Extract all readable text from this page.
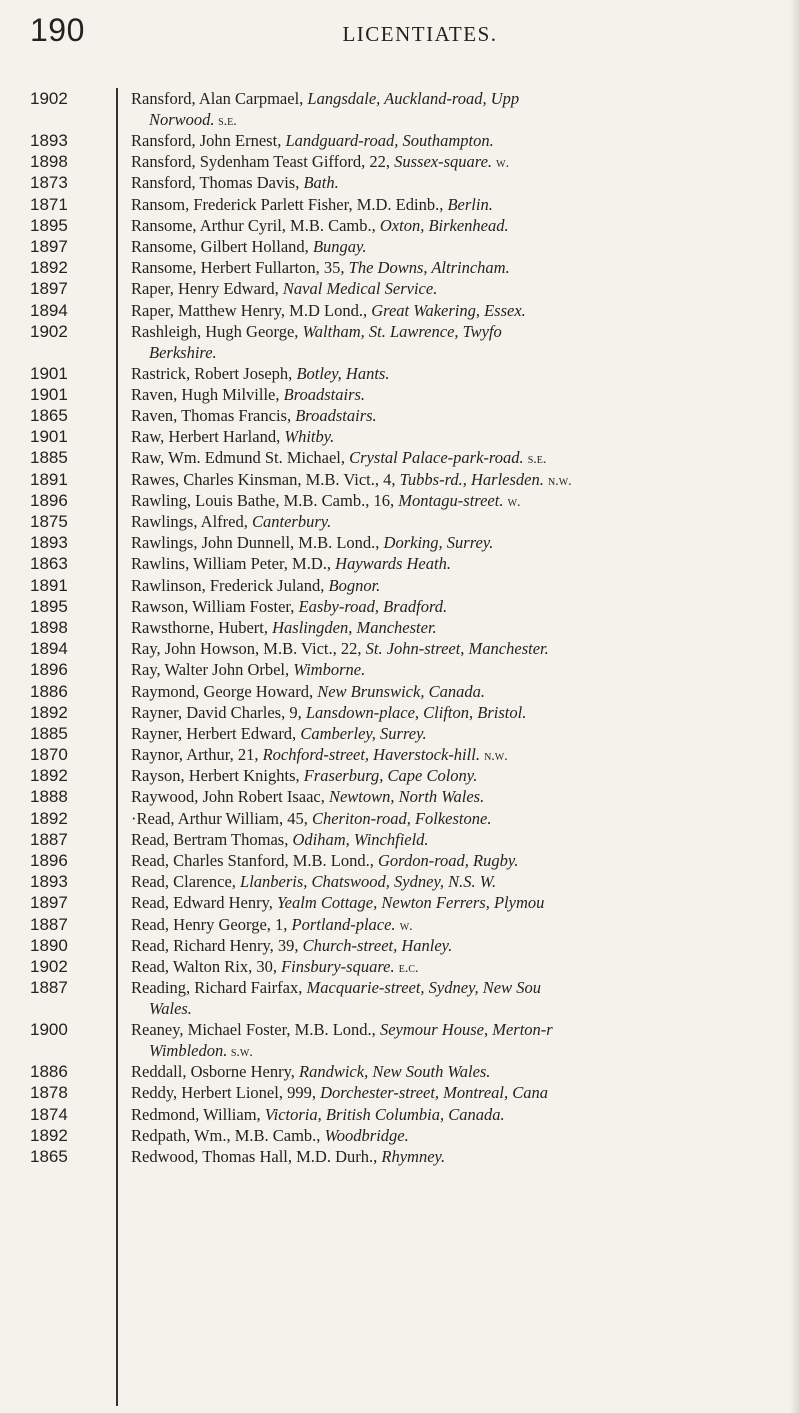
190	LICENTIATES.
1902	Ransford, Alan Carpmael, Langsdale, Auckland-road, Upp
Norwood. s.e.
1893	Ransford, John Ernest, Landguard-road, Southampton.
1898	Ransford, Sydenham Teast Gifford, 22, Sussex-square. w.
1873	Ransford, Thomas Davis, Bath.
1871	Ransom, Frederick Parlett Fisher, M.D. Edinb., Berlin.
1895	Ransome, Arthur Cyril, M.B. Camb., Oxton, Birkenhead.
1897	Ransome, Gilbert Holland, Bungay.
1892	Ransome, Herbert Fullarton, 35, The Downs, Altrincham.
1897	Raper, Henry Edward, Naval Medical Service.
1894	Raper, Matthew Henry, M.D Lond., Great Wakering, Essex.
1902	Rashleigh, Hugh George, Waltham, St. Lawrence, Twyfo
Berkshire.
1901	Rastrick, Robert Joseph, Botley, Hants.
1901	Raven, Hugh Milville, Broadstairs.
1865	Raven, Thomas Francis, Broadstairs.
1901	Raw, Herbert Harland, Whitby.
1885	Raw, Wm. Edmund St. Michael, Crystal Palace-park-road. s.e.
1891	Rawes, Charles Kinsman, M.B. Vict., 4, Tubbs-rd., Harlesden. n.w.
1896	Rawling, Louis Bathe, M.B. Camb., 16, Montagu-street. w.
1875	Rawlings, Alfred, Canterbury.
1893	Rawlings, John Dunnell, M.B. Lond., Dorking, Surrey.
1863	Rawlins, William Peter, M.D., Haywards Heath.
1891	Rawlinson, Frederick Juland, Bognor.
1895	Rawson, William Foster, Easby-road, Bradford.
1898	Rawsthorne, Hubert, Haslingden, Manchester.
1894	Ray, John Howson, M.B. Vict., 22, St. John-street, Manchester.
1896	Ray, Walter John Orbel, Wimborne.
1886	Raymond, George Howard, New Brunswick, Canada.
1892	Rayner, David Charles, 9, Lansdown-place, Clifton, Bristol.
1885	Rayner, Herbert Edward, Camberley, Surrey.
1870	Raynor, Arthur, 21, Rochford-street, Haverstock-hill. n.w.
1892	Rayson, Herbert Knights, Fraserburg, Cape Colony.
1888	Raywood, John Robert Isaac, Newtown, North Wales.
1892	·Read, Arthur William, 45, Cheriton-road, Folkestone.
1887	Read, Bertram Thomas, Odiham, Winchfield.
1896	Read, Charles Stanford, M.B. Lond., Gordon-road, Rugby.
1893	Read, Clarence, Llanberis, Chatswood, Sydney, N.S. W.
1897	Read, Edward Henry, Yealm Cottage, Newton Ferrers, Plymou
1887	Read, Henry George, 1, Portland-place. w.
1890	Read, Richard Henry, 39, Church-street, Hanley.
1902	Read, Walton Rix, 30, Finsbury-square. e.c.
1887	Reading, Richard Fairfax, Macquarie-street, Sydney, New Sou
Wales.
1900	Reaney, Michael Foster, M.B. Lond., Seymour House, Merton-r
Wimbledon. s.w.
1886	Reddall, Osborne Henry, Randwick, New South Wales.
1878	Reddy, Herbert Lionel, 999, Dorchester-street, Montreal, Cana
1874	Redmond, William, Victoria, British Columbia, Canada.
1892	Redpath, Wm., M.B. Camb., Woodbridge.
1865	Redwood, Thomas Hall, M.D. Durh., Rhymney.
